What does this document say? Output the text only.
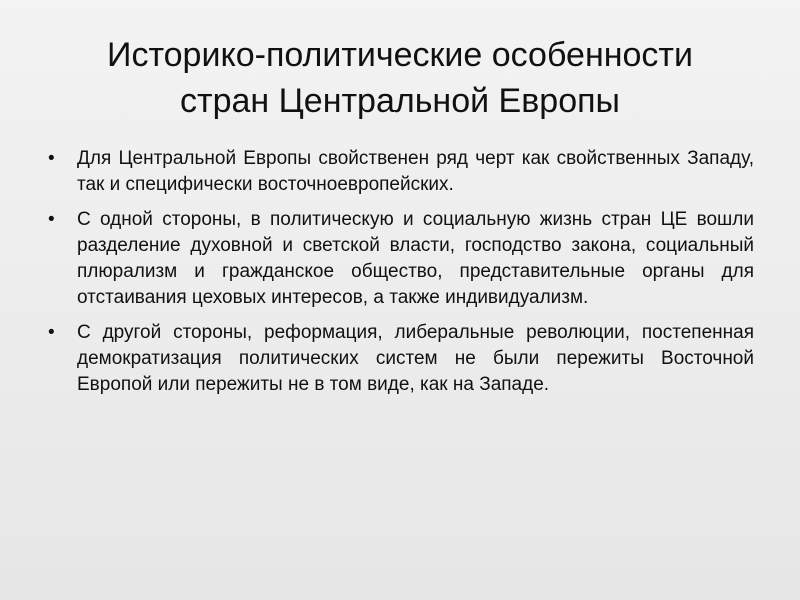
Историко-политические особенности
стран Центральной Европы
•	Для Центральной Европы свойственен ряд черт как свойственных Западу, так и специфически восточноевропейских.
•	С одной стороны, в политическую и социальную жизнь стран ЦЕ вошли разделение духовной и светской власти, господство закона, социальный плюрализм и гражданское общество, представительные органы для отстаивания цеховых интересов, а также индивидуализм.
•	С другой стороны, реформация, либеральные революции, постепенная демократизация политических систем не были пережиты Восточной Европой или пережиты не в том виде, как на Западе.
